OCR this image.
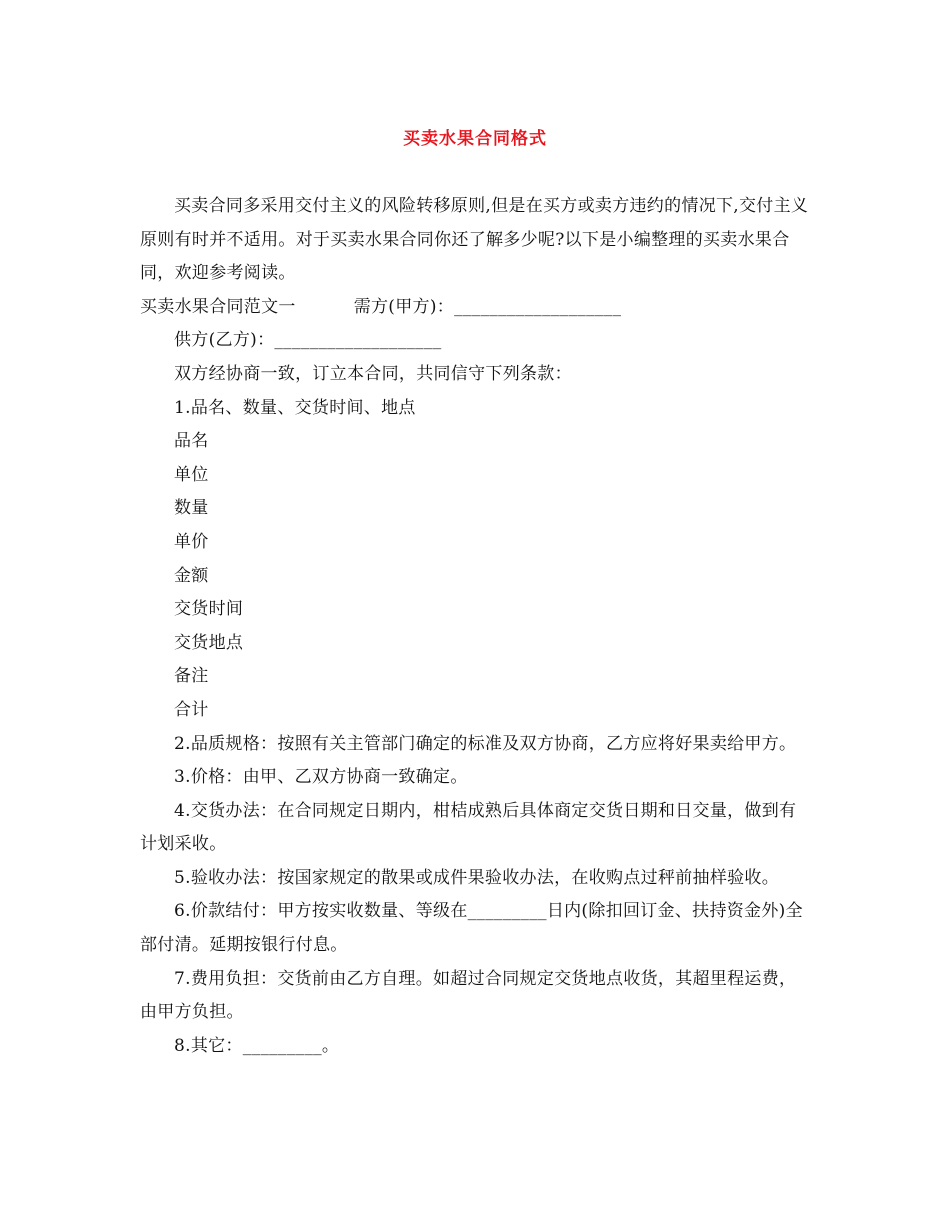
买卖水果合同格式

买卖合同多采用交付主义的风险转移原则,但是在买方或卖方违约的情况下,交付主义原则有时并不适用。对于买卖水果合同你还了解多少呢?以下是小编整理的买卖水果合同，欢迎参考阅读。

买卖水果合同范文一	需方(甲方)：___________________

供方(乙方)：___________________

双方经协商一致，订立本合同，共同信守下列条款：

1.品名、数量、交货时间、地点

品名

单位

数量

单价

金额

交货时间

交货地点

备注

合计

2.品质规格：按照有关主管部门确定的标准及双方协商，乙方应将好果卖给甲方。

3.价格：由甲、乙双方协商一致确定。

4.交货办法：在合同规定日期内，柑桔成熟后具体商定交货日期和日交量，做到有计划采收。

5.验收办法：按国家规定的散果或成件果验收办法，在收购点过秤前抽样验收。

6.价款结付：甲方按实收数量、等级在_________日内(除扣回订金、扶持资金外)全部付清。延期按银行付息。

7.费用负担：交货前由乙方自理。如超过合同规定交货地点收货，其超里程运费，由甲方负担。

8.其它：_________。
